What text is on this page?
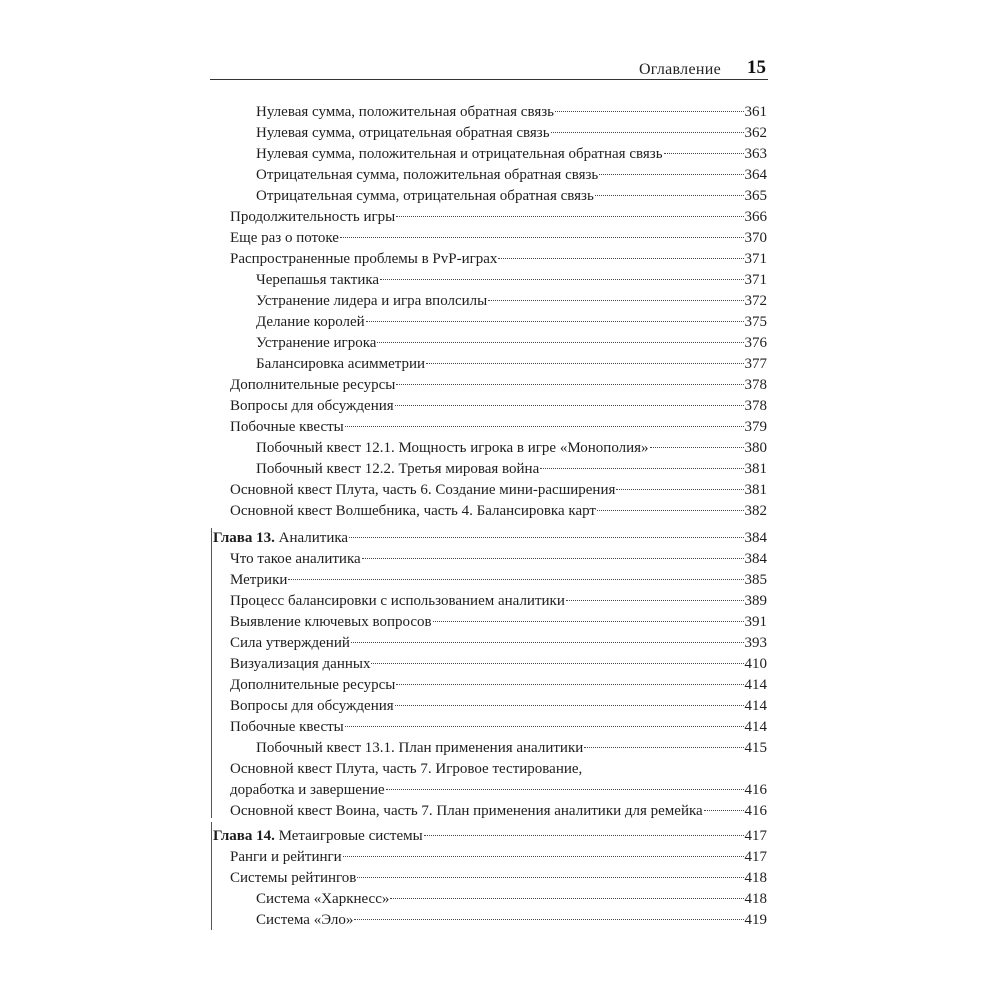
Оглавление 15
Нулевая сумма, положительная обратная связь	361
Нулевая сумма, отрицательная обратная связь	362
Нулевая сумма, положительная и отрицательная обратная связь	363
Отрицательная сумма, положительная обратная связь	364
Отрицательная сумма, отрицательная обратная связь	365
Продолжительность игры	366
Еще раз о потоке	370
Распространенные проблемы в PvP-играх	371
Черепашья тактика	371
Устранение лидера и игра вполсилы	372
Делание королей	375
Устранение игрока	376
Балансировка асимметрии	377
Дополнительные ресурсы	378
Вопросы для обсуждения	378
Побочные квесты	379
Побочный квест 12.1. Мощность игрока в игре «Монополия»	380
Побочный квест 12.2. Третья мировая война	381
Основной квест Плута, часть 6. Создание мини-расширения	381
Основной квест Волшебника, часть 4. Балансировка карт	382
Глава 13. Аналитика	384
Что такое аналитика	384
Метрики	385
Процесс балансировки с использованием аналитики	389
Выявление ключевых вопросов	391
Сила утверждений	393
Визуализация данных	410
Дополнительные ресурсы	414
Вопросы для обсуждения	414
Побочные квесты	414
Побочный квест 13.1. План применения аналитики	415
Основной квест Плута, часть 7. Игровое тестирование,
доработка и завершение	416
Основной квест Воина, часть 7. План применения аналитики для ремейка	416
Глава 14. Метаигровые системы	417
Ранги и рейтинги	417
Системы рейтингов	418
Система «Харкнесс»	418
Система «Эло»	419
